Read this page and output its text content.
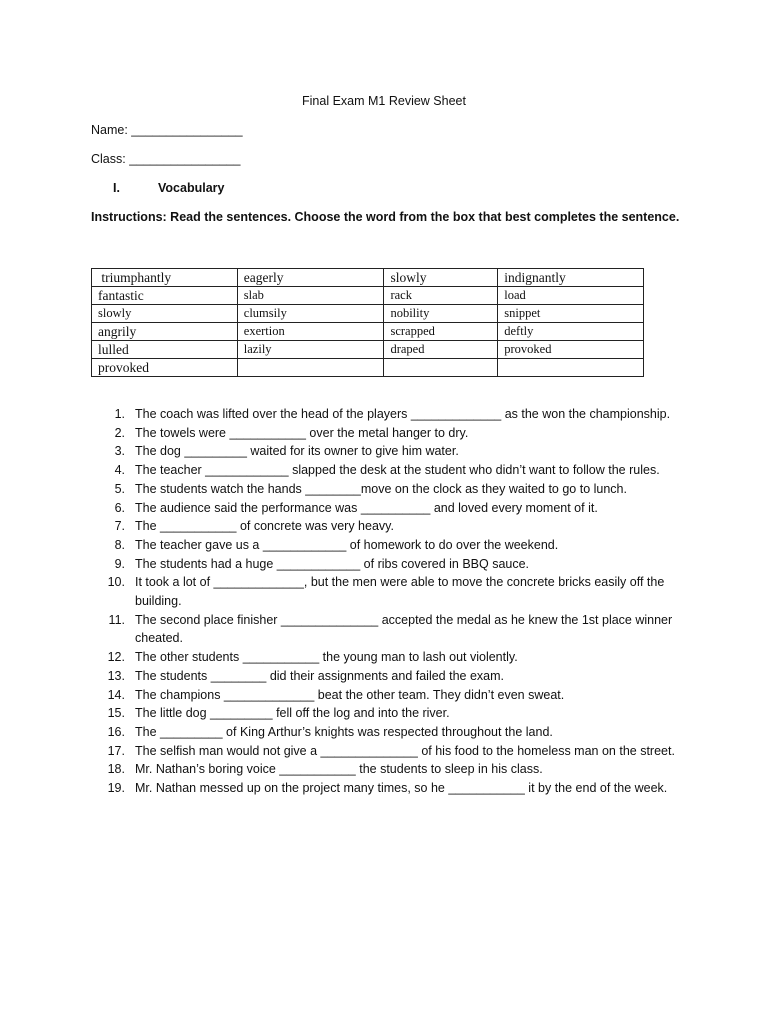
Final Exam M1 Review Sheet
Name: ________________
Class: ________________
I.	Vocabulary
Instructions: Read the sentences. Choose the word from the box that best completes the sentence.
triumphantly	eagerly	slowly	indignantly
fantastic	slab	rack	load
slowly	clumsily	nobility	snippet
angrily	exertion	scrapped	deftly
lulled	lazily	draped	provoked
provoked			
1. The coach was lifted over the head of the players _____________ as the won the championship.
2. The towels were ___________ over the metal hanger to dry.
3. The dog _________ waited for its owner to give him water.
4. The teacher ____________ slapped the desk at the student who didn’t want to follow the rules.
5. The students watch the hands ________move on the clock as they waited to go to lunch.
6. The audience said the performance was __________ and loved every moment of it.
7. The ___________ of concrete was very heavy.
8. The teacher gave us a ____________ of homework to do over the weekend.
9. The students had a huge ____________ of ribs covered in BBQ sauce.
10. It took a lot of _____________, but the men were able to move the concrete bricks easily off the building.
11. The second place finisher ______________ accepted the medal as he knew the 1st place winner cheated.
12. The other students ___________ the young man to lash out violently.
13. The students ________ did their assignments and failed the exam.
14. The champions _____________ beat the other team. They didn’t even sweat.
15. The little dog _________ fell off the log and into the river.
16. The _________ of King Arthur’s knights was respected throughout the land.
17. The selfish man would not give a ______________ of his food to the homeless man on the street.
18. Mr. Nathan’s boring voice ___________ the students to sleep in his class.
19. Mr. Nathan messed up on the project many times, so he ___________ it by the end of the week.
